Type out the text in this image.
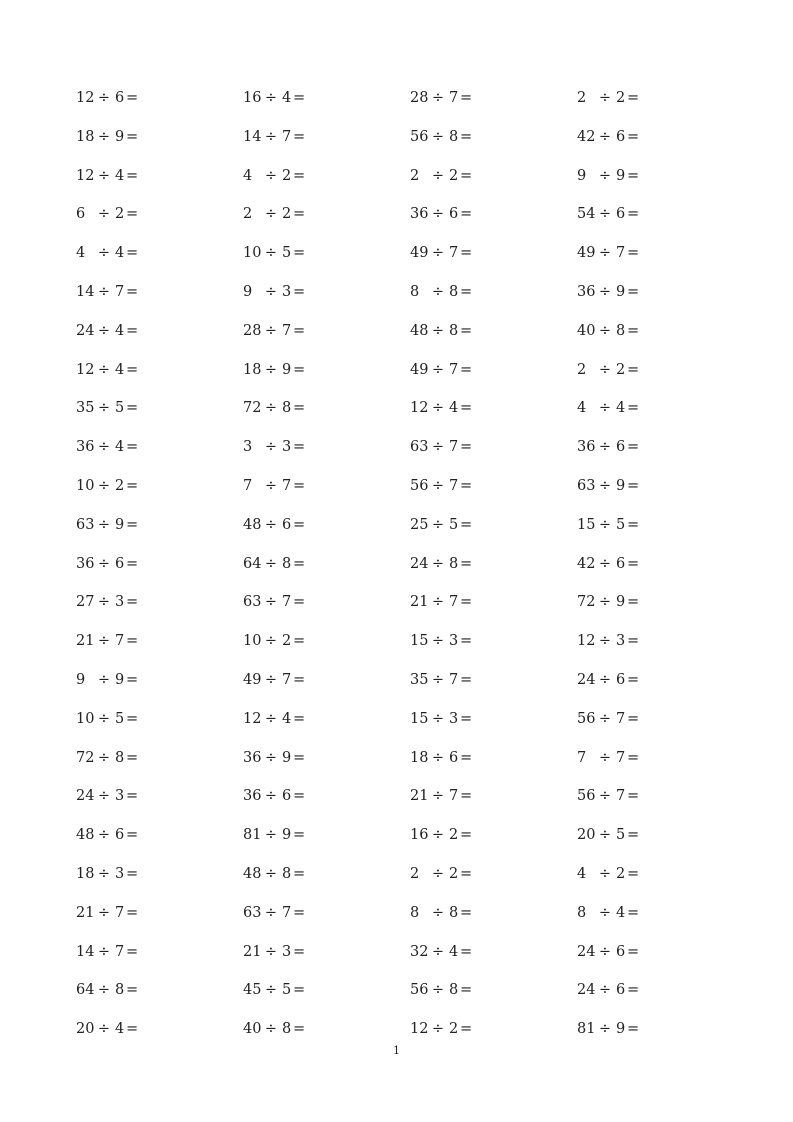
12 ÷ 6 =	16 ÷ 4 =	28 ÷ 7 =	2 ÷ 2 =
18 ÷ 9 =	14 ÷ 7 =	56 ÷ 8 =	42 ÷ 6 =
12 ÷ 4 =	4 ÷ 2 =	2 ÷ 2 =	9 ÷ 9 =
6 ÷ 2 =	2 ÷ 2 =	36 ÷ 6 =	54 ÷ 6 =
4 ÷ 4 =	10 ÷ 5 =	49 ÷ 7 =	49 ÷ 7 =
14 ÷ 7 =	9 ÷ 3 =	8 ÷ 8 =	36 ÷ 9 =
24 ÷ 4 =	28 ÷ 7 =	48 ÷ 8 =	40 ÷ 8 =
12 ÷ 4 =	18 ÷ 9 =	49 ÷ 7 =	2 ÷ 2 =
35 ÷ 5 =	72 ÷ 8 =	12 ÷ 4 =	4 ÷ 4 =
36 ÷ 4 =	3 ÷ 3 =	63 ÷ 7 =	36 ÷ 6 =
10 ÷ 2 =	7 ÷ 7 =	56 ÷ 7 =	63 ÷ 9 =
63 ÷ 9 =	48 ÷ 6 =	25 ÷ 5 =	15 ÷ 5 =
36 ÷ 6 =	64 ÷ 8 =	24 ÷ 8 =	42 ÷ 6 =
27 ÷ 3 =	63 ÷ 7 =	21 ÷ 7 =	72 ÷ 9 =
21 ÷ 7 =	10 ÷ 2 =	15 ÷ 3 =	12 ÷ 3 =
9 ÷ 9 =	49 ÷ 7 =	35 ÷ 7 =	24 ÷ 6 =
10 ÷ 5 =	12 ÷ 4 =	15 ÷ 3 =	56 ÷ 7 =
72 ÷ 8 =	36 ÷ 9 =	18 ÷ 6 =	7 ÷ 7 =
24 ÷ 3 =	36 ÷ 6 =	21 ÷ 7 =	56 ÷ 7 =
48 ÷ 6 =	81 ÷ 9 =	16 ÷ 2 =	20 ÷ 5 =
18 ÷ 3 =	48 ÷ 8 =	2 ÷ 2 =	4 ÷ 2 =
21 ÷ 7 =	63 ÷ 7 =	8 ÷ 8 =	8 ÷ 4 =
14 ÷ 7 =	21 ÷ 3 =	32 ÷ 4 =	24 ÷ 6 =
64 ÷ 8 =	45 ÷ 5 =	56 ÷ 8 =	24 ÷ 6 =
20 ÷ 4 =	40 ÷ 8 =	12 ÷ 2 =	81 ÷ 9 =
1
